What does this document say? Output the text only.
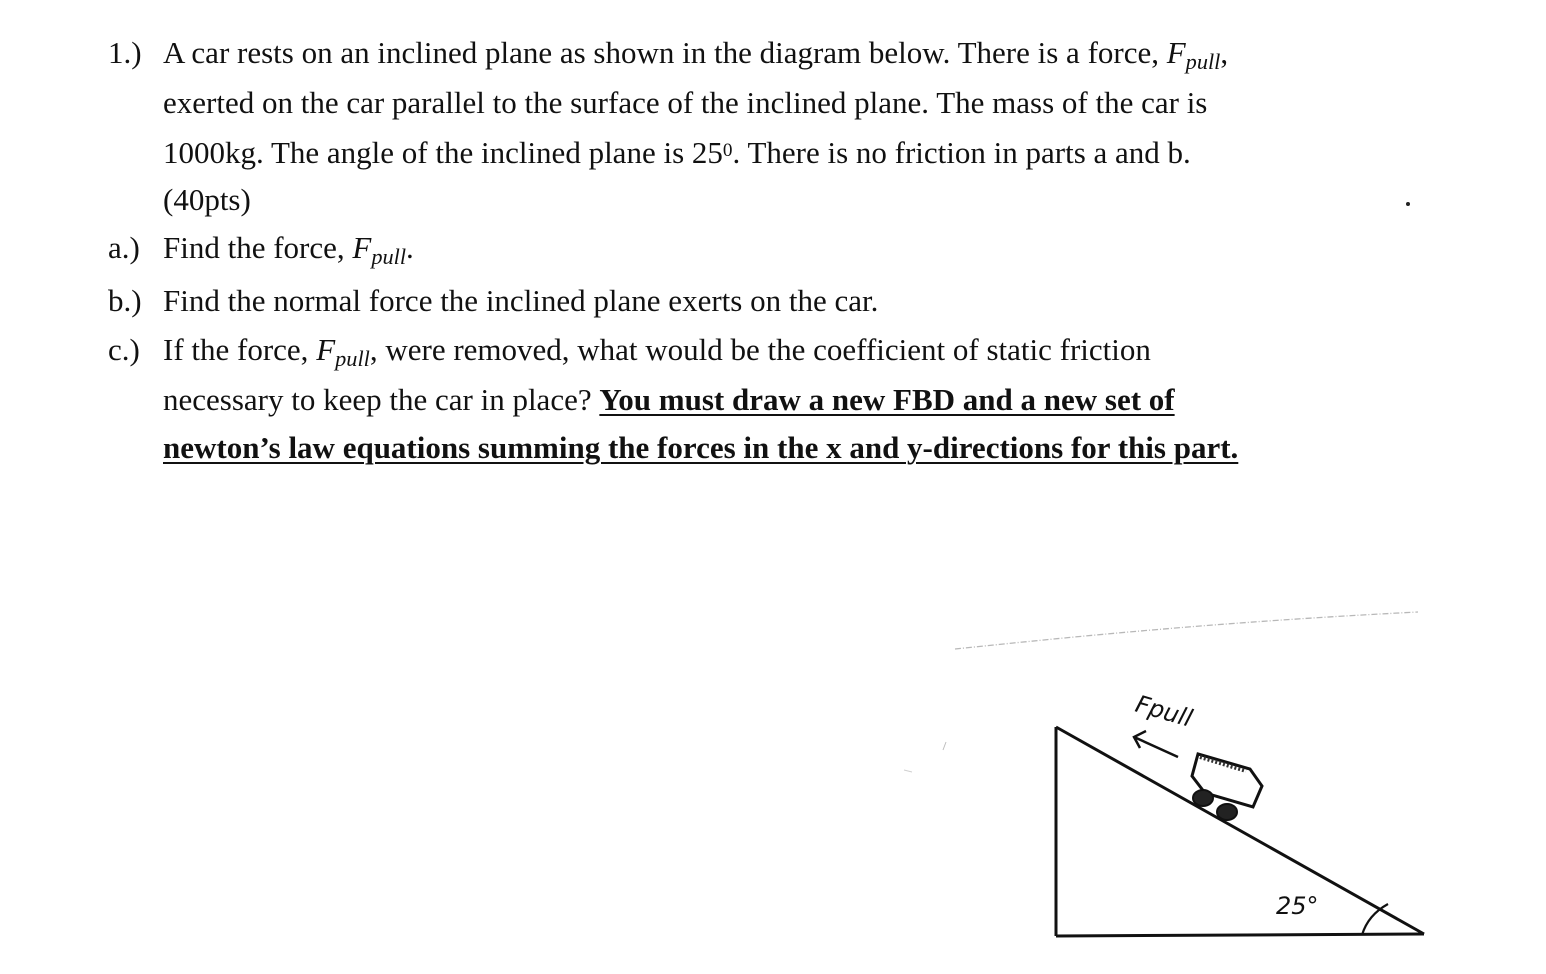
1.) A car rests on an inclined plane as shown in the diagram below. There is a force, $F_{pull}$,
exerted on the car parallel to the surface of the inclined plane. The mass of the car is
1000kg. The angle of the inclined plane is $25^0$. There is no friction in parts a and b.
(40pts)
a.) Find the force, $F_{pull}$.
b.) Find the normal force the inclined plane exerts on the car.
c.) If the force, $F_{pull}$, were removed, what would be the coefficient of static friction
necessary to keep the car in place? You must draw a new FBD and a new set of
newton’s law equations summing the forces in the x and y-directions for this part.
Fpull
25°
